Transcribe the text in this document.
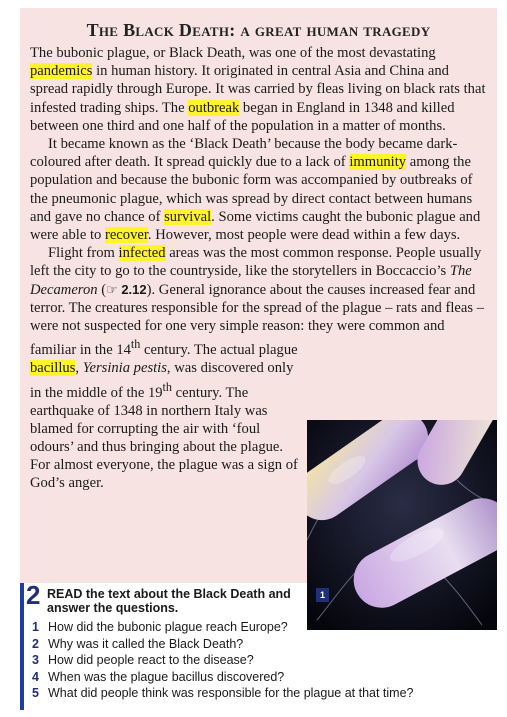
1
The Black Death: a great human tragedy

The bubonic plague, or Black Death, was one of the most devastating pandemics in human history. It originated in central Asia and China and spread rapidly through Europe. It was carried by fleas living on black rats that infested trading ships. The outbreak began in England in 1348 and killed between one third and one half of the population in a matter of months.

It became known as the ‘Black Death’ because the body became dark-coloured after death. It spread quickly due to a lack of immunity among the population and because the bubonic form was accompanied by outbreaks of the pneumonic plague, which was spread by direct contact between humans and gave no chance of survival. Some victims caught the bubonic plague and were able to recover. However, most people were dead within a few days.

Flight from infected areas was the most common response. People usually left the city to go to the countryside, like the storytellers in Boccaccio’s The Decameron (☞ 2.12). General ignorance about the causes increased fear and terror. The creatures responsible for the spread of the plague – rats and fleas – were not suspected for one very simple reason: they were common and familiar in the 14th century. The actual plague
bacillus, Yersinia pestis, was discovered only in the middle of the 19th century. The earthquake of 1348 in northern Italy was blamed for corrupting the air with ‘foul odours’ and thus bringing about the plague. For almost everyone, the plague was a sign of God’s anger.

2 READ the text about the Black Death and answer the questions.
1 How did the bubonic plague reach Europe?
2 Why was it called the Black Death?
3 How did people react to the disease?
4 When was the plague bacillus discovered?
5 What did people think was responsible for the plague at that time?
